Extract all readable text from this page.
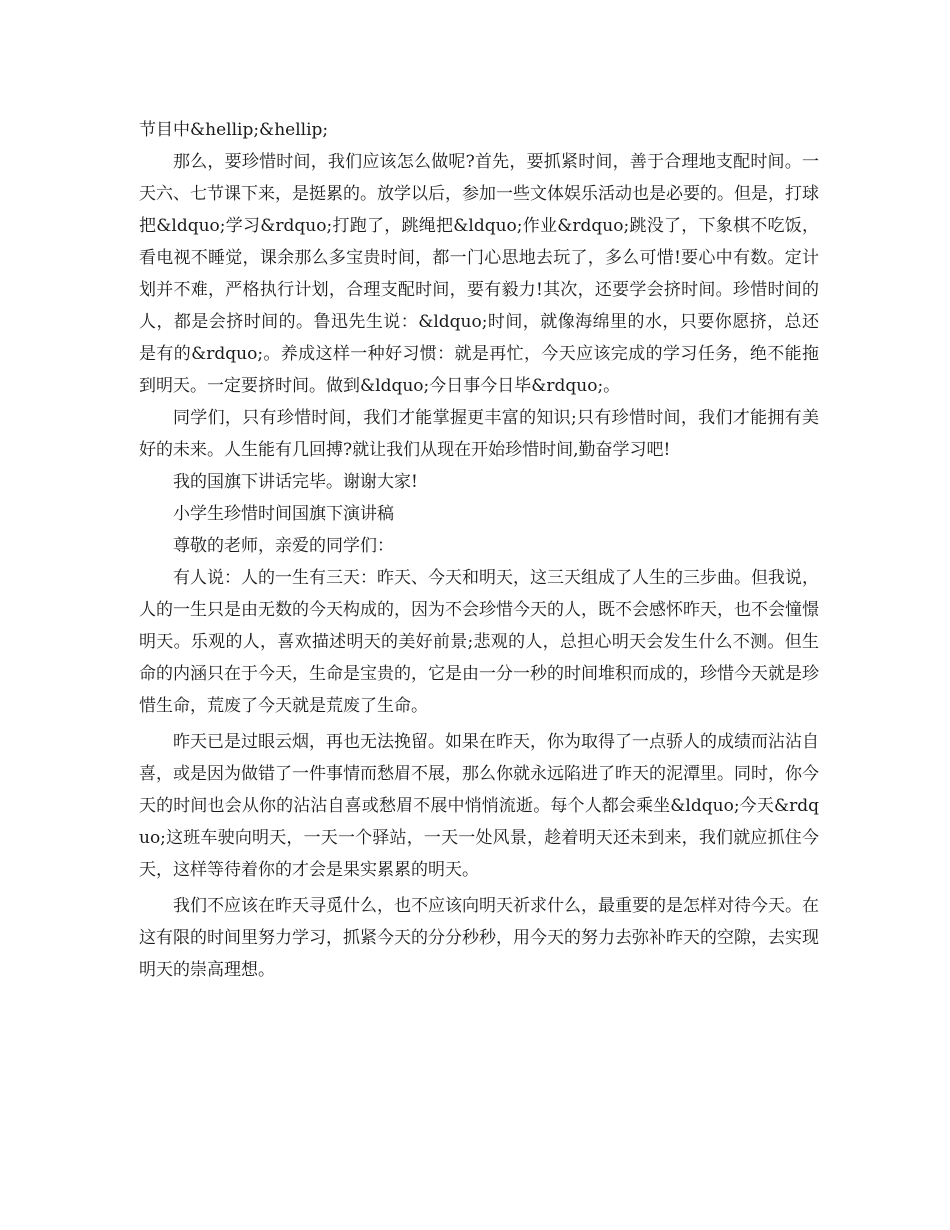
节目中&hellip;&hellip;

那么，要珍惜时间，我们应该怎么做呢?首先，要抓紧时间，善于合理地支配时间。一天六、七节课下来，是挺累的。放学以后，参加一些文体娱乐活动也是必要的。但是，打球把&ldquo;学习&rdquo;打跑了，跳绳把&ldquo;作业&rdquo;跳没了，下象棋不吃饭，看电视不睡觉，课余那么多宝贵时间，都一门心思地去玩了，多么可惜!要心中有数。定计划并不难，严格执行计划，合理支配时间，要有毅力!其次，还要学会挤时间。珍惜时间的人，都是会挤时间的。鲁迅先生说：&ldquo;时间，就像海绵里的水，只要你愿挤，总还是有的&rdquo;。养成这样一种好习惯：就是再忙，今天应该完成的学习任务，绝不能拖到明天。一定要挤时间。做到&ldquo;今日事今日毕&rdquo;。

同学们，只有珍惜时间，我们才能掌握更丰富的知识;只有珍惜时间，我们才能拥有美好的未来。人生能有几回搏?就让我们从现在开始珍惜时间,勤奋学习吧!

我的国旗下讲话完毕。谢谢大家!

小学生珍惜时间国旗下演讲稿

尊敬的老师，亲爱的同学们：

有人说：人的一生有三天：昨天、今天和明天，这三天组成了人生的三步曲。但我说，人的一生只是由无数的今天构成的，因为不会珍惜今天的人，既不会感怀昨天，也不会憧憬明天。乐观的人，喜欢描述明天的美好前景;悲观的人，总担心明天会发生什么不测。但生命的内涵只在于今天，生命是宝贵的，它是由一分一秒的时间堆积而成的，珍惜今天就是珍惜生命，荒废了今天就是荒废了生命。

昨天已是过眼云烟，再也无法挽留。如果在昨天，你为取得了一点骄人的成绩而沾沾自喜，或是因为做错了一件事情而愁眉不展，那么你就永远陷进了昨天的泥潭里。同时，你今天的时间也会从你的沾沾自喜或愁眉不展中悄悄流逝。每个人都会乘坐&ldquo;今天&rdquo;这班车驶向明天，一天一个驿站，一天一处风景，趁着明天还未到来，我们就应抓住今天，这样等待着你的才会是果实累累的明天。

我们不应该在昨天寻觅什么，也不应该向明天祈求什么，最重要的是怎样对待今天。在这有限的时间里努力学习，抓紧今天的分分秒秒，用今天的努力去弥补昨天的空隙，去实现明天的崇高理想。
